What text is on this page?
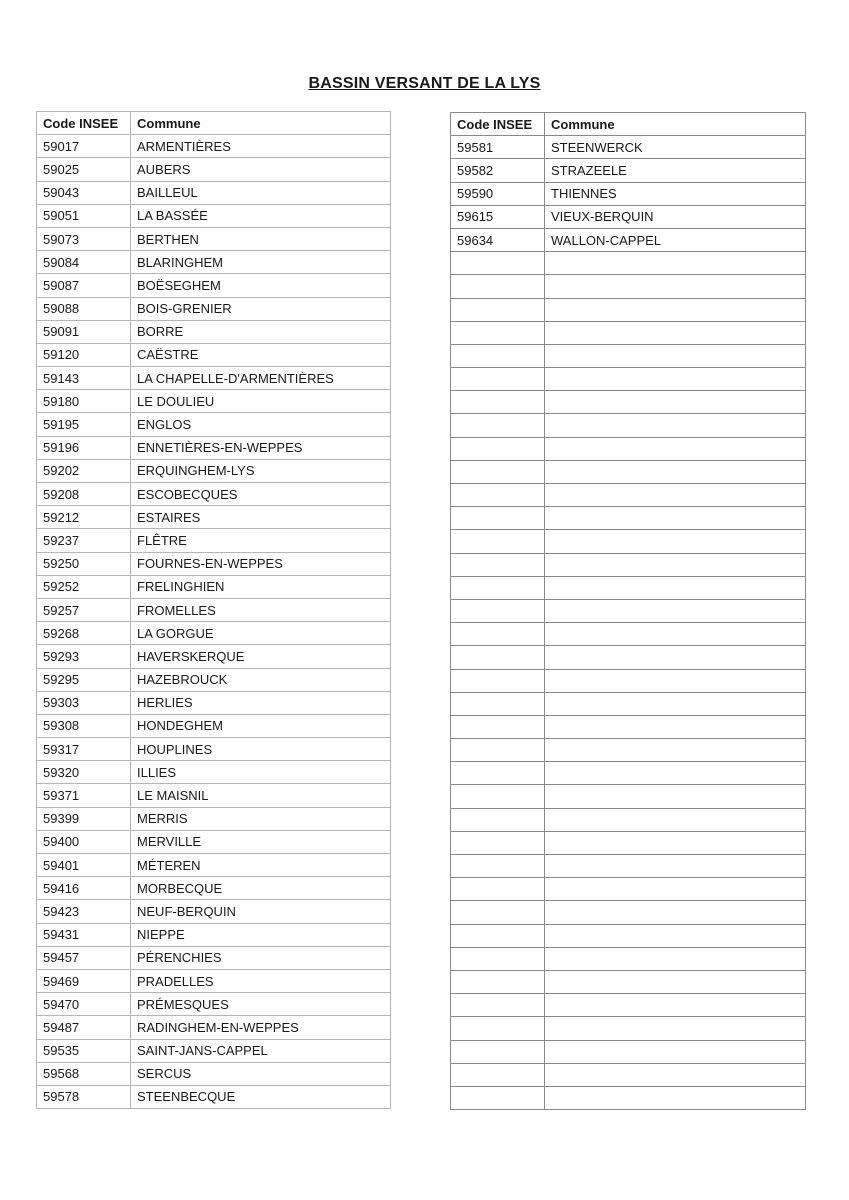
BASSIN VERSANT DE LA LYS
Code INSEE	Commune
59017	ARMENTIÈRES
59025	AUBERS
59043	BAILLEUL
59051	LA BASSÉE
59073	BERTHEN
59084	BLARINGHEM
59087	BOËSEGHEM
59088	BOIS-GRENIER
59091	BORRE
59120	CAËSTRE
59143	LA CHAPELLE-D'ARMENTIÈRES
59180	LE DOULIEU
59195	ENGLOS
59196	ENNETIÈRES-EN-WEPPES
59202	ERQUINGHEM-LYS
59208	ESCOBECQUES
59212	ESTAIRES
59237	FLÊTRE
59250	FOURNES-EN-WEPPES
59252	FRELINGHIEN
59257	FROMELLES
59268	LA GORGUE
59293	HAVERSKERQUE
59295	HAZEBROUCK
59303	HERLIES
59308	HONDEGHEM
59317	HOUPLINES
59320	ILLIES
59371	LE MAISNIL
59399	MERRIS
59400	MERVILLE
59401	MÉTEREN
59416	MORBECQUE
59423	NEUF-BERQUIN
59431	NIEPPE
59457	PÉRENCHIES
59469	PRADELLES
59470	PRÉMESQUES
59487	RADINGHEM-EN-WEPPES
59535	SAINT-JANS-CAPPEL
59568	SERCUS
59578	STEENBECQUE
Code INSEE	Commune
59581	STEENWERCK
59582	STRAZEELE
59590	THIENNES
59615	VIEUX-BERQUIN
59634	WALLON-CAPPEL
